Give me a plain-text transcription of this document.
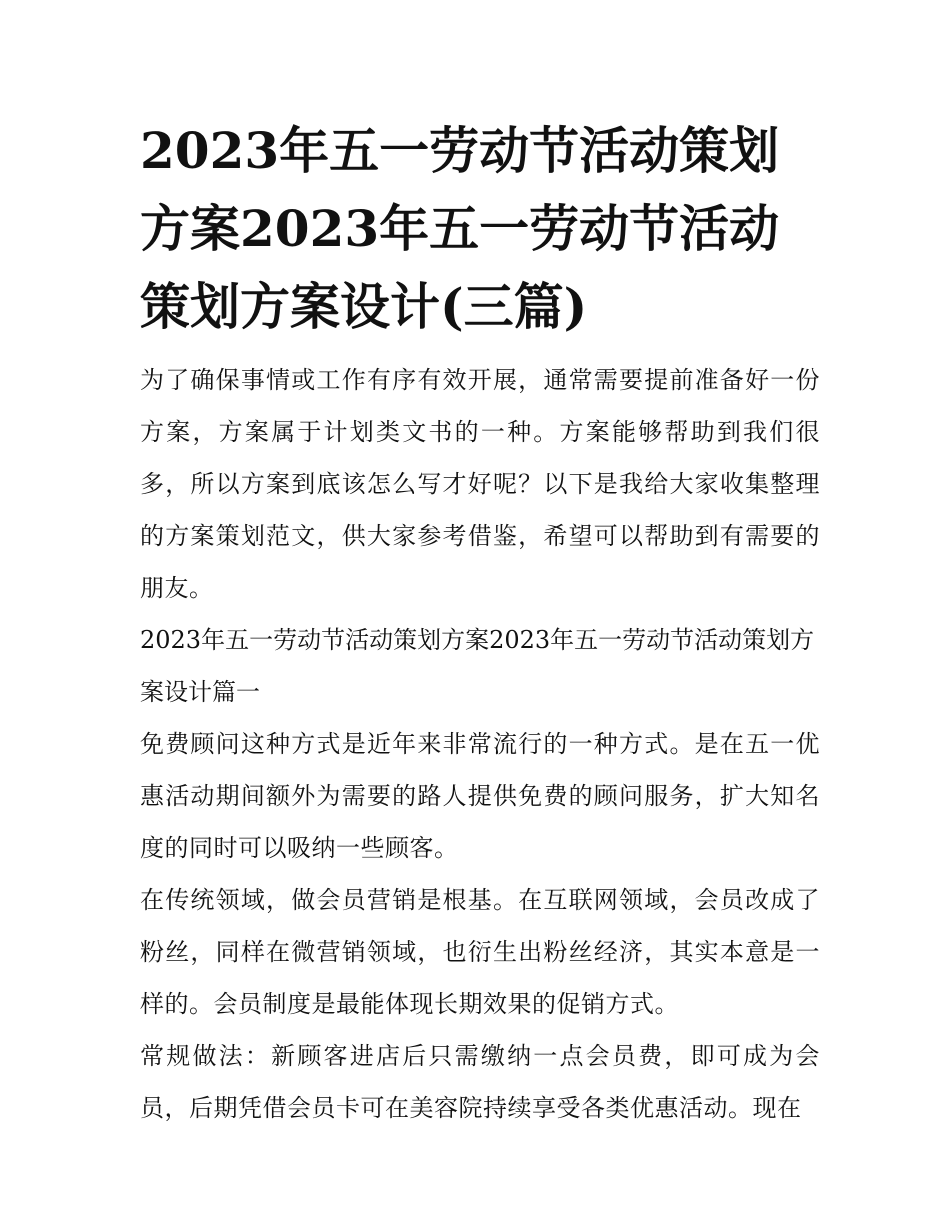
2023年五一劳动节活动策划方案2023年五一劳动节活动策划方案设计(三篇)

为了确保事情或工作有序有效开展，通常需要提前准备好一份方案，方案属于计划类文书的一种。方案能够帮助到我们很多，所以方案到底该怎么写才好呢？以下是我给大家收集整理的方案策划范文，供大家参考借鉴，希望可以帮助到有需要的朋友。

2023年五一劳动节活动策划方案2023年五一劳动节活动策划方案设计篇一

免费顾问这种方式是近年来非常流行的一种方式。是在五一优惠活动期间额外为需要的路人提供免费的顾问服务，扩大知名度的同时可以吸纳一些顾客。

在传统领域，做会员营销是根基。在互联网领域，会员改成了粉丝，同样在微营销领域，也衍生出粉丝经济，其实本意是一样的。会员制度是最能体现长期效果的促销方式。

常规做法：新顾客进店后只需缴纳一点会员费，即可成为会员，后期凭借会员卡可在美容院持续享受各类优惠活动。现在
